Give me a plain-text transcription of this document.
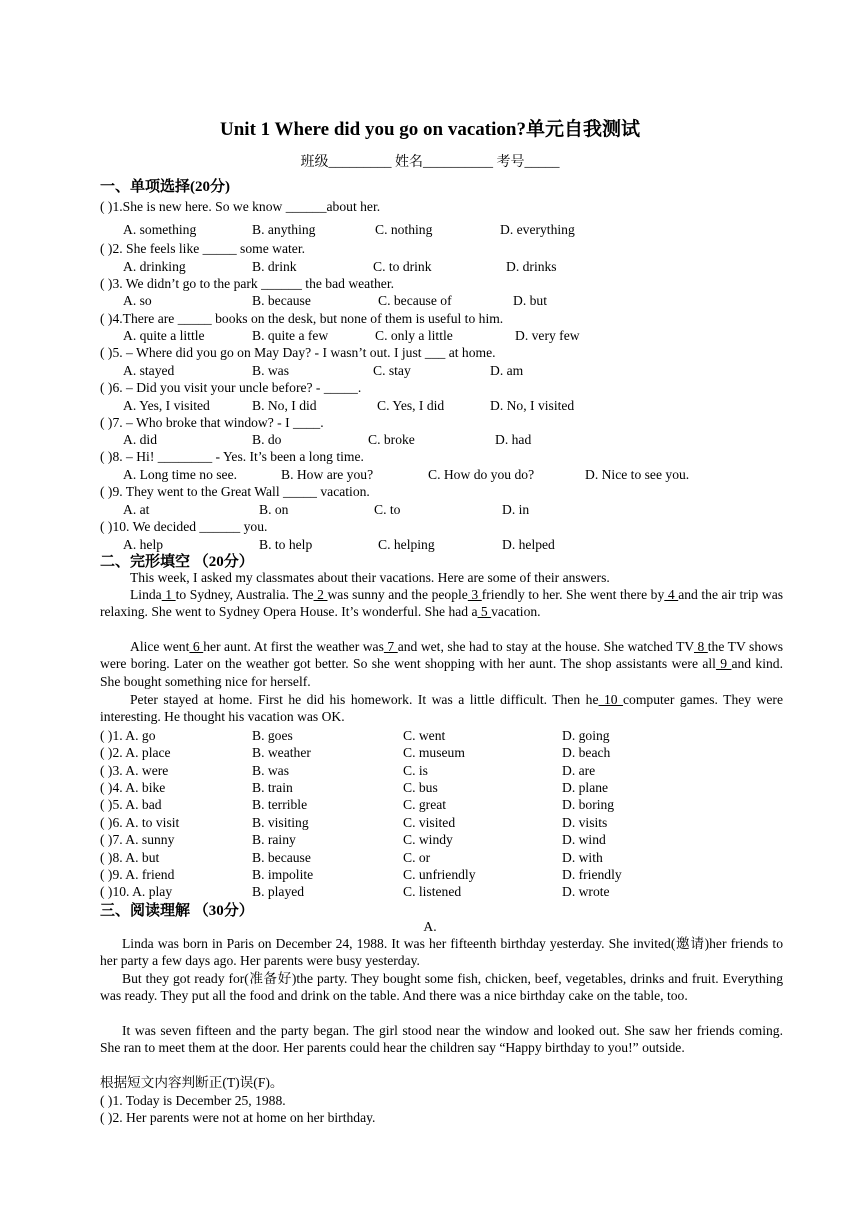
Unit 1 Where did you go on vacation?单元自我测试
班级_________ 姓名__________ 考号_____
一、单项选择(20分)
( )1.She is new here. So we know ______about her.
A. something	B. anything	C. nothing	D. everything
( )2. She feels like _____ some water.
A. drinking	B. drink	C. to drink	D. drinks
( )3. We didn’t go to the park ______ the bad weather.
A. so	B. because	C. because of	D. but
( )4.There are _____ books on the desk, but none of them is useful to him.
A. quite a little	B. quite a few	C. only a little	D. very few
( )5. – Where did you go on May Day? - I wasn’t out. I just ___ at home.
A. stayed	B. was	C. stay	D. am
( )6. – Did you visit your uncle before? - _____.
A. Yes, I visited	B. No, I did	C. Yes, I did	D. No, I visited
( )7. – Who broke that window? - I ____.
A. did	B. do	C. broke	D. had
( )8. – Hi! ________ - Yes. It’s been a long time.
A. Long time no see.	B. How are you?	C. How do you do?	D. Nice to see you.
( )9. They went to the Great Wall _____ vacation.
A. at	B. on	C. to	D. in
( )10. We decided ______ you.
A. help	B. to help	C. helping	D. helped
二、完形填空 （20分）
This week, I asked my classmates about their vacations. Here are some of their answers.
Linda 1 to Sydney, Australia. The 2 was sunny and the people 3 friendly to her. She went there by 4 and the air trip was relaxing. She went to Sydney Opera House. It’s wonderful. She had a 5 vacation.
Alice went 6 her aunt. At first the weather was 7 and wet, she had to stay at the house. She watched TV 8 the TV shows were boring. Later on the weather got better. So she went shopping with her aunt. The shop assistants were all 9 and kind. She bought something nice for herself.
Peter stayed at home. First he did his homework. It was a little difficult. Then he 10 computer games. They were interesting. He thought his vacation was OK.
( )1. A. go	B. goes	C. went	D. going
( )2. A. place	B. weather	C. museum	D. beach
( )3. A. were	B. was	C. is	D. are
( )4. A. bike	B. train	C. bus	D. plane
( )5. A. bad	B. terrible	C. great	D. boring
( )6. A. to visit	B. visiting	C. visited	D. visits
( )7. A. sunny	B. rainy	C. windy	D. wind
( )8. A. but	B. because	C. or	D. with
( )9. A. friend	B. impolite	C. unfriendly	D. friendly
( )10. A. play	B. played	C. listened	D. wrote
三、阅读理解 （30分）
A.
Linda was born in Paris on December 24, 1988. It was her fifteenth birthday yesterday. She invited(邀请)her friends to her party a few days ago. Her parents were busy yesterday.
But they got ready for(准备好)the party. They bought some fish, chicken, beef, vegetables, drinks and fruit. Everything was ready. They put all the food and drink on the table. And there was a nice birthday cake on the table, too.
It was seven fifteen and the party began. The girl stood near the window and looked out. She saw her friends coming. She ran to meet them at the door. Her parents could hear the children say “Happy birthday to you!” outside.
根据短文内容判断正(T)误(F)。
( )1. Today is December 25, 1988.
( )2. Her parents were not at home on her birthday.
